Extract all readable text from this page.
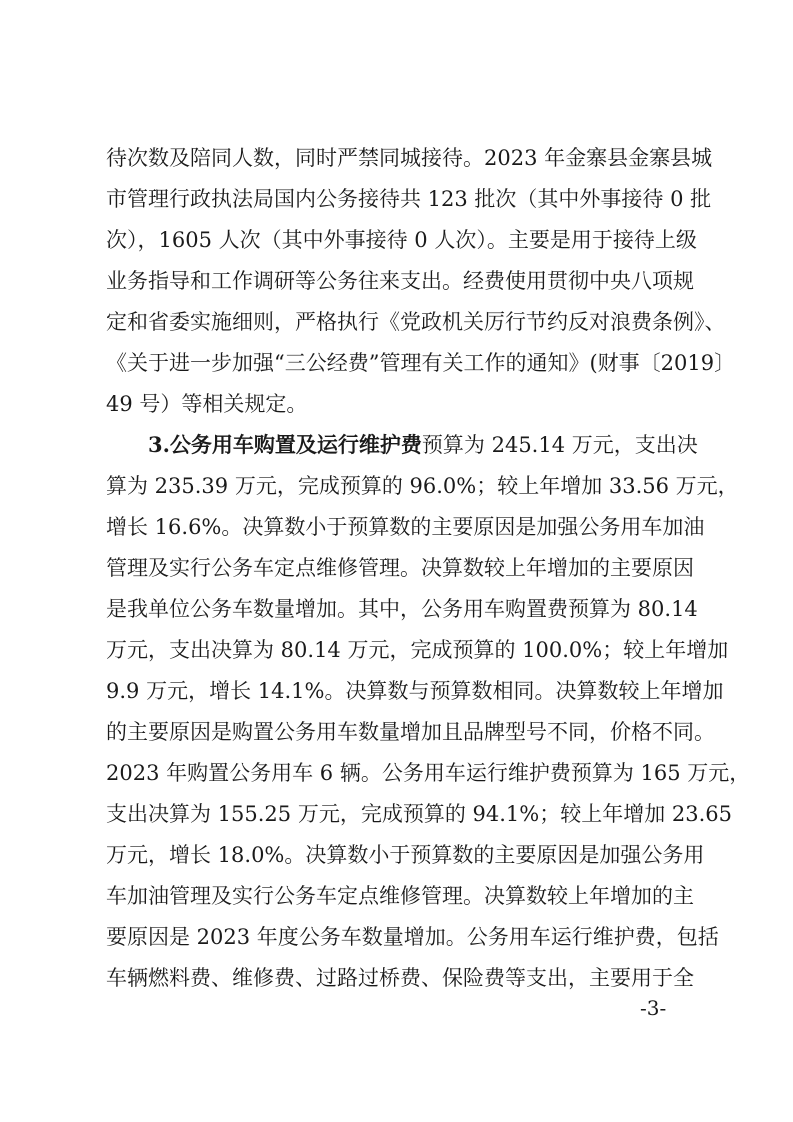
待次数及陪同人数，同时严禁同城接待。2023 年金寨县金寨县城
市管理行政执法局国内公务接待共 123 批次（其中外事接待 0 批
次），1605 人次（其中外事接待 0 人次）。主要是用于接待上级
业务指导和工作调研等公务往来支出。经费使用贯彻中央八项规
定和省委实施细则，严格执行《党政机关厉行节约反对浪费条例》、
《关于进一步加强“三公经费”管理有关工作的通知》(财事〔2019〕
49 号）等相关规定。
3.公务用车购置及运行维护费预算为 245.14 万元，支出决
算为 235.39 万元，完成预算的 96.0%；较上年增加 33.56 万元，
增长 16.6%。决算数小于预算数的主要原因是加强公务用车加油
管理及实行公务车定点维修管理。决算数较上年增加的主要原因
是我单位公务车数量增加。其中，公务用车购置费预算为 80.14
万元，支出决算为 80.14 万元，完成预算的 100.0%；较上年增加
9.9 万元，增长 14.1%。决算数与预算数相同。决算数较上年增加
的主要原因是购置公务用车数量增加且品牌型号不同，价格不同。
2023 年购置公务用车 6 辆。公务用车运行维护费预算为 165 万元，
支出决算为 155.25 万元，完成预算的 94.1%；较上年增加 23.65
万元，增长 18.0%。决算数小于预算数的主要原因是加强公务用
车加油管理及实行公务车定点维修管理。决算数较上年增加的主
要原因是 2023 年度公务车数量增加。公务用车运行维护费，包括
车辆燃料费、维修费、过路过桥费、保险费等支出，主要用于全
-3-
